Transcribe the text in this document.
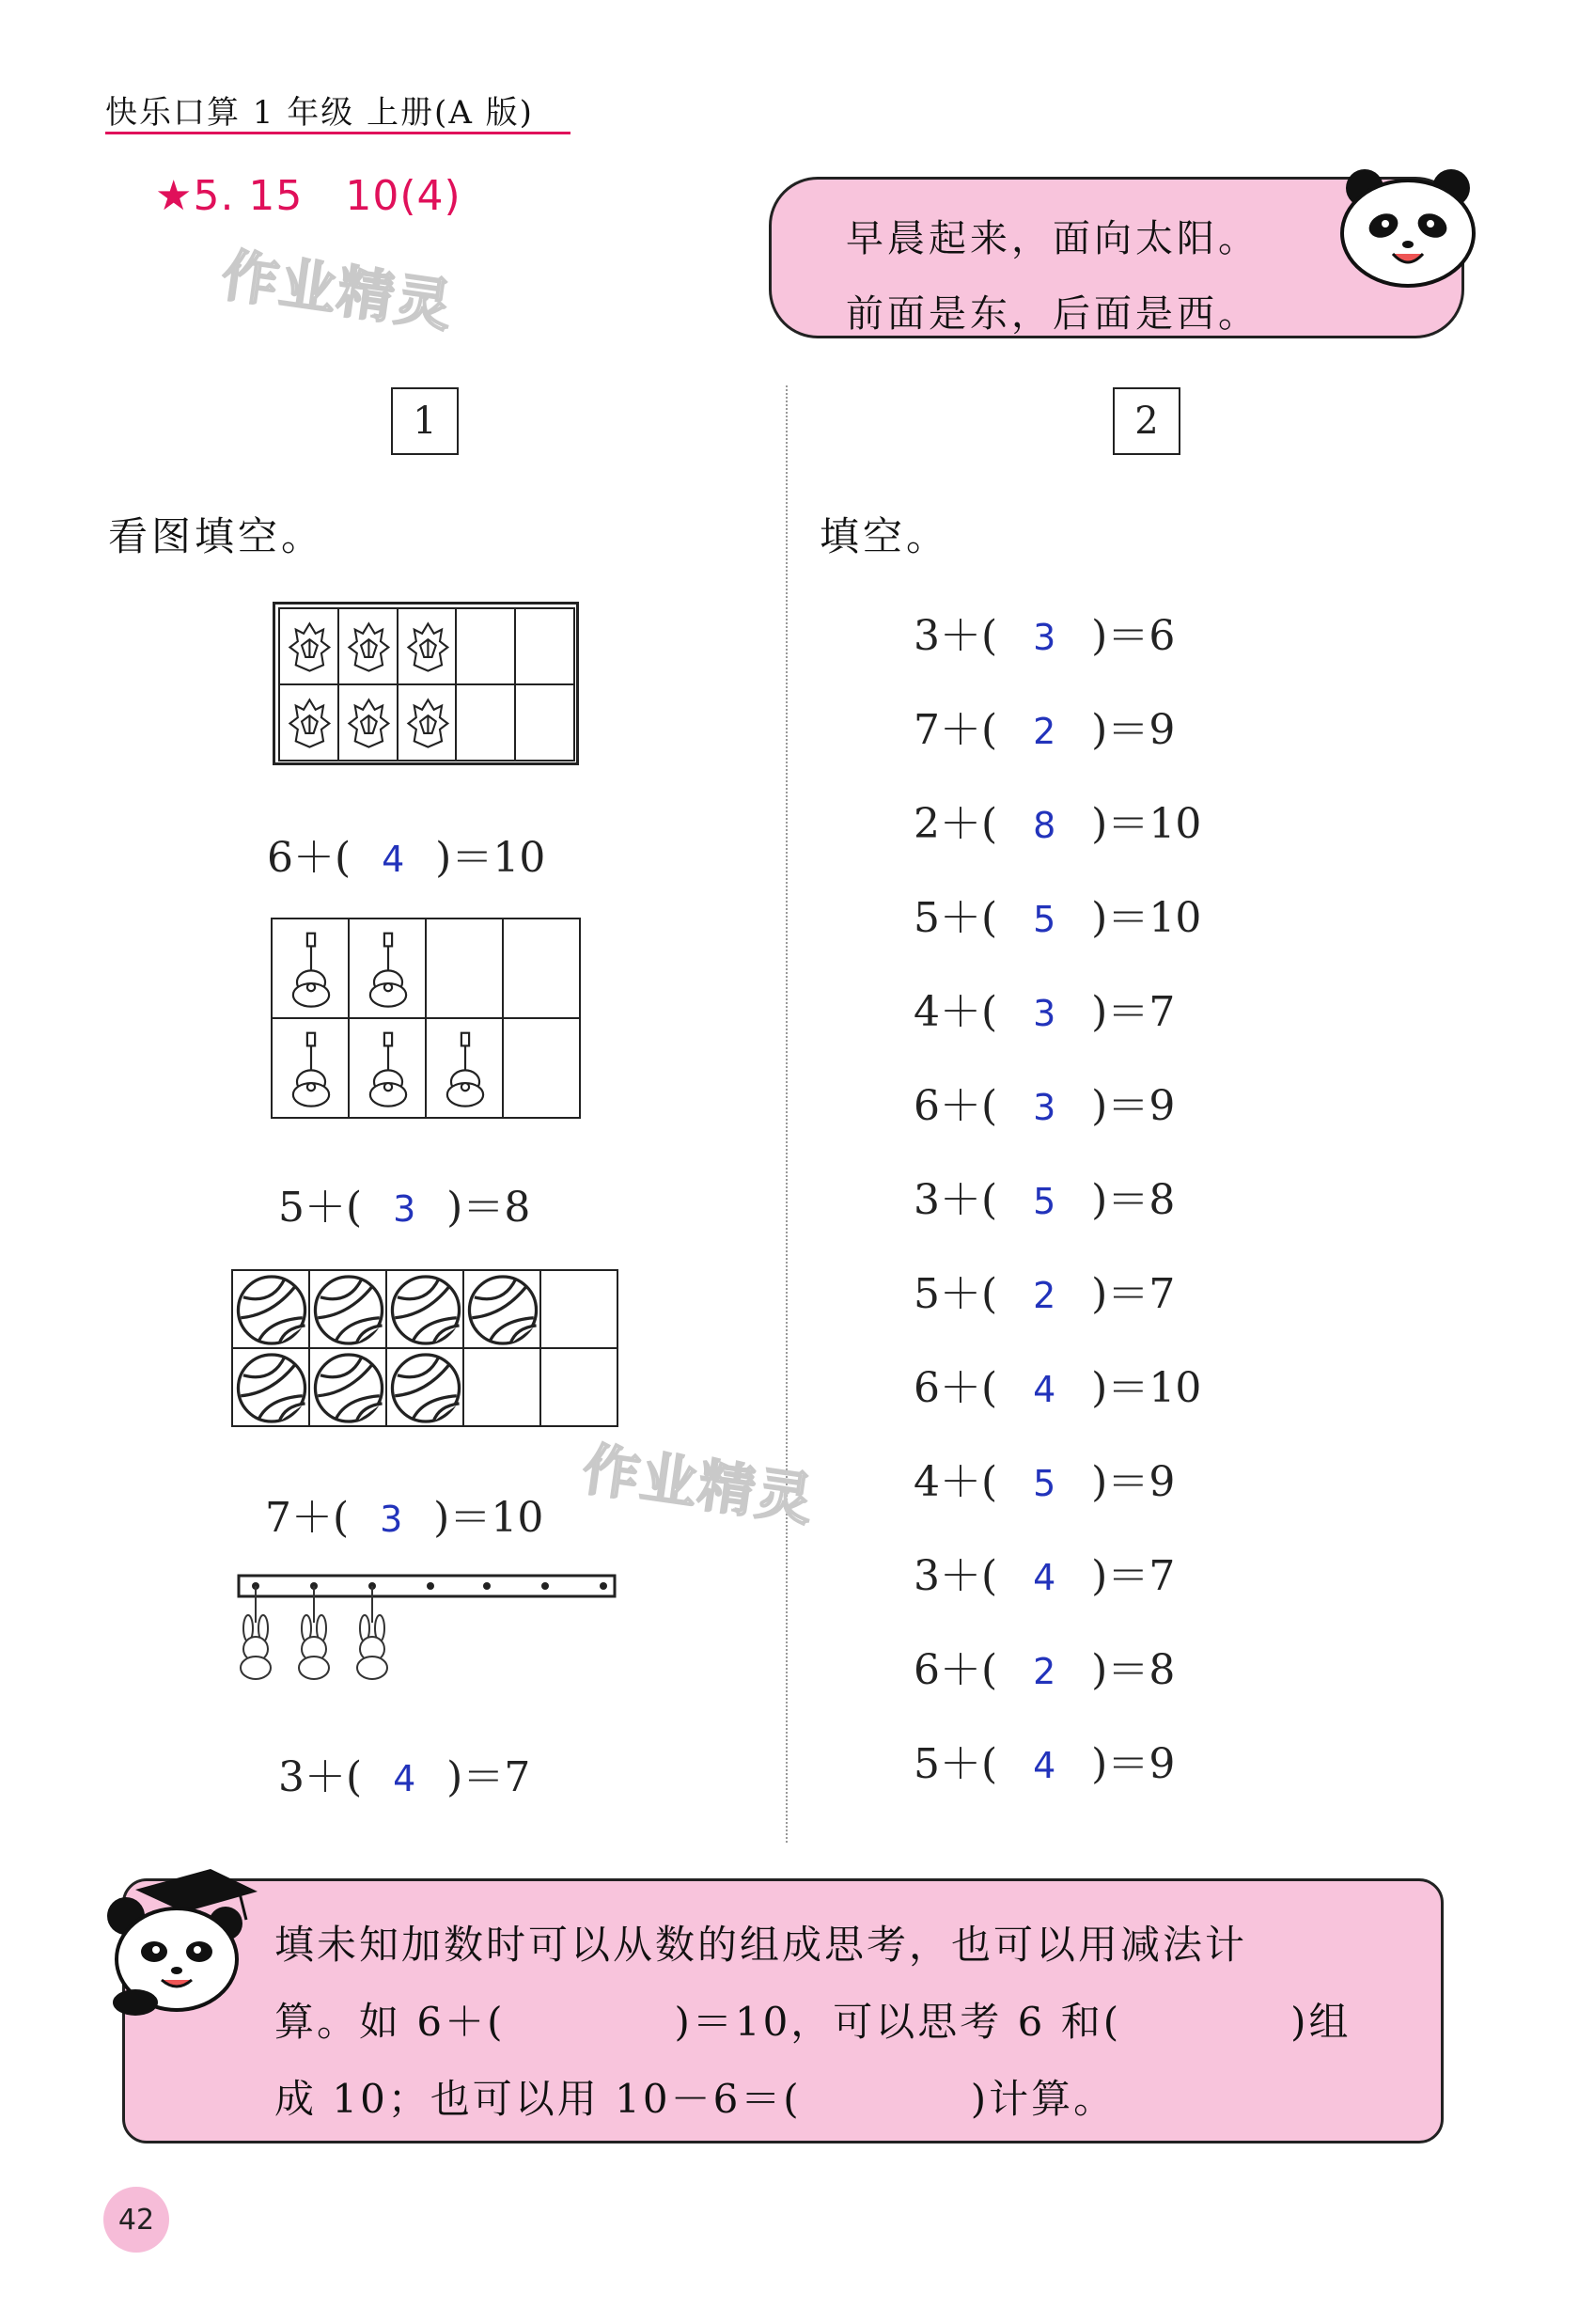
快乐口算 1 年级 上册(A 版)
★5. 15　10(4)
作业精灵
早晨起来，面向太阳。
前面是东，后面是西。
1
看图填空。
6＋( 4 )＝10
5＋( 3 )＝8
7＋( 3 )＝10 作业精灵
3＋( 4 )＝7
2
填空。
3＋( 3 )＝6
7＋( 2 )＝9
2＋( 8 )＝10
5＋( 5 )＝10
4＋( 3 )＝7
6＋( 3 )＝9
3＋( 5 )＝8
5＋( 2 )＝7
6＋( 4 )＝10
4＋( 5 )＝9
3＋( 4 )＝7
6＋( 2 )＝8
5＋( 4 )＝9
填未知加数时可以从数的组成思考，也可以用减法计
算。如 6＋(　　　　)＝10，可以思考 6 和(　　　　)组
成 10；也可以用 10－6＝(　　　　)计算。
42
